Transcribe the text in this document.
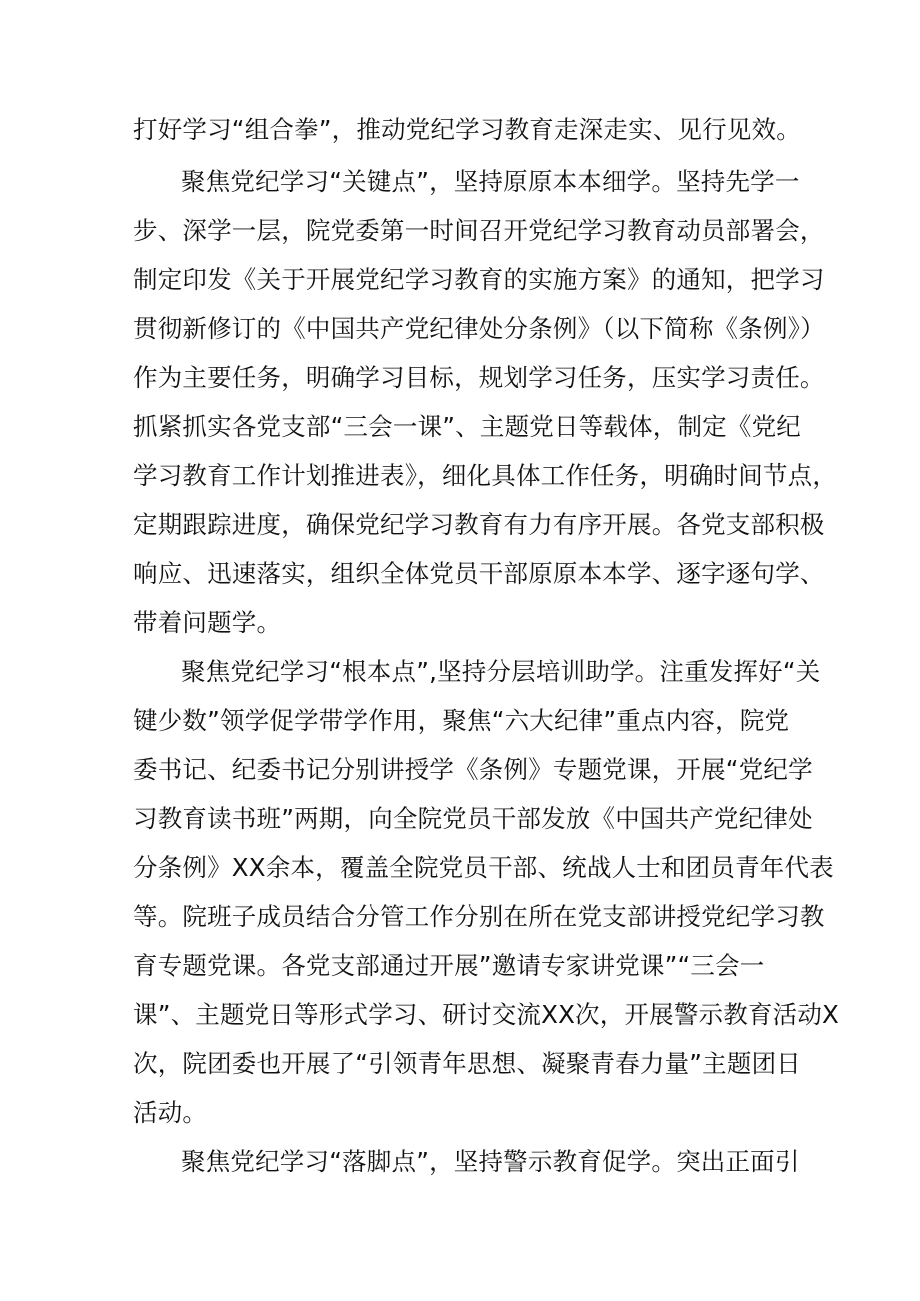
打好学习“组合拳”，推动党纪学习教育走深走实、见行见效。
聚焦党纪学习“关键点”，坚持原原本本细学。坚持先学一
步、深学一层，院党委第一时间召开党纪学习教育动员部署会，
制定印发《关于开展党纪学习教育的实施方案》的通知，把学习
贯彻新修订的《中国共产党纪律处分条例》（以下简称《条例》）
作为主要任务，明确学习目标，规划学习任务，压实学习责任。
抓紧抓实各党支部“三会一课”、主题党日等载体，制定《党纪
学习教育工作计划推进表》，细化具体工作任务，明确时间节点，
定期跟踪进度，确保党纪学习教育有力有序开展。各党支部积极
响应、迅速落实，组织全体党员干部原原本本学、逐字逐句学、
带着问题学。
聚焦党纪学习“根本点”,坚持分层培训助学。注重发挥好“关
键少数”领学促学带学作用，聚焦“六大纪律”重点内容，院党
委书记、纪委书记分别讲授学《条例》专题党课，开展“党纪学
习教育读书班”两期，向全院党员干部发放《中国共产党纪律处
分条例》XX余本，覆盖全院党员干部、统战人士和团员青年代表
等。院班子成员结合分管工作分别在所在党支部讲授党纪学习教
育专题党课。各党支部通过开展”邀请专家讲党课”“三会一
课”、主题党日等形式学习、研讨交流XX次，开展警示教育活动X
次，院团委也开展了“引领青年思想、凝聚青春力量”主题团日
活动。
聚焦党纪学习“落脚点”，坚持警示教育促学。突出正面引
